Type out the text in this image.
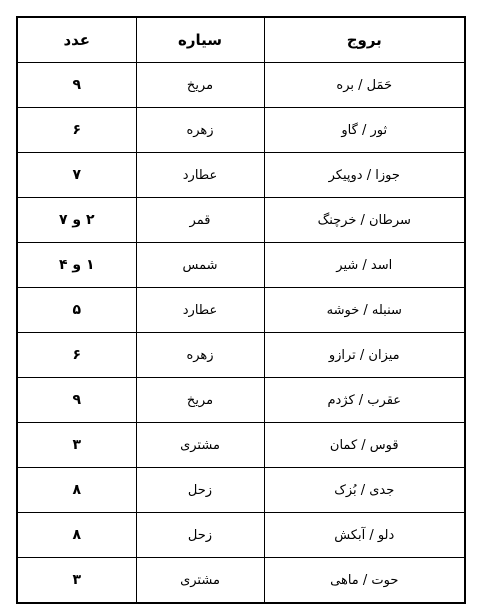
بروج	سیاره	عدد
حَمَل / بره	مریخ	۹
ثور / گاو	زهره	۶
جوزا / دوپیکر	عطارد	۷
سرطان / خرچنگ	قمر	۲ و ۷
اسد / شیر	شمس	۱ و ۴
سنبله / خوشه	عطارد	۵
میزان / ترازو	زهره	۶
عقرب / کژدم	مریخ	۹
قوس / کمان	مشتری	۳
جدی / بُزک	زحل	۸
دلو / آبکش	زحل	۸
حوت / ماهی	مشتری	۳
